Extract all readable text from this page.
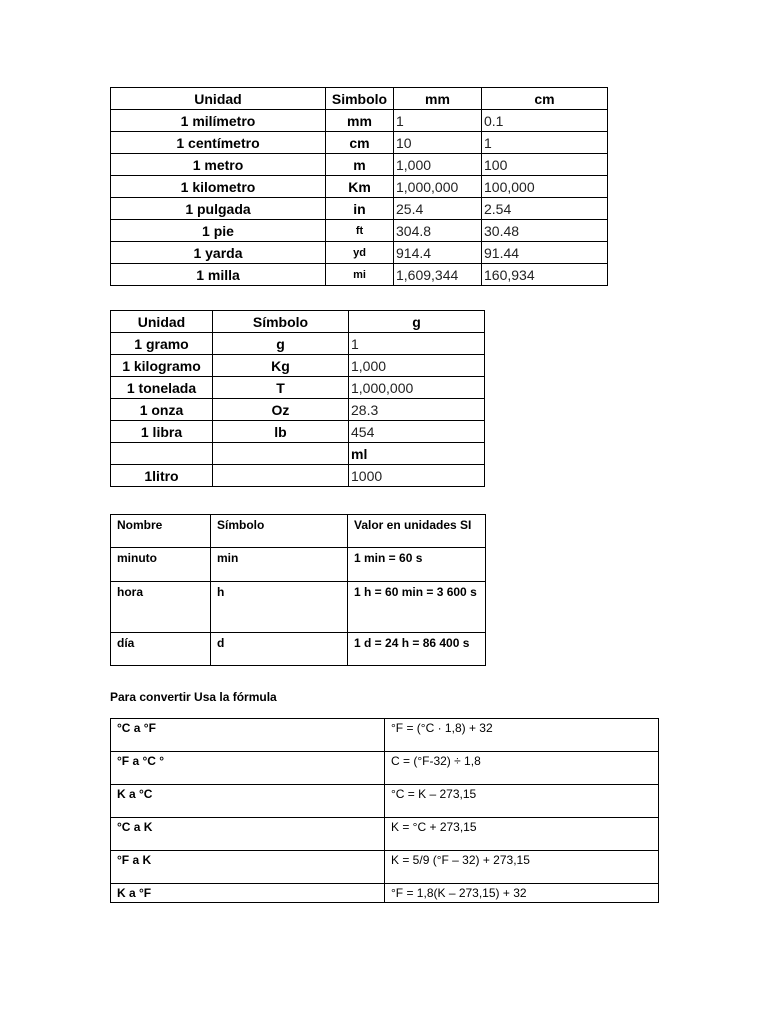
Unidad	Simbolo	mm	cm
1 milímetro	mm	1	0.1
1 centímetro	cm	10	1
1 metro	m	1,000	100
1 kilometro	Km	1,000,000	100,000
1 pulgada	in	25.4	2.54
1 pie	ft	304.8	30.48
1 yarda	yd	914.4	91.44
1 milla	mi	1,609,344	160,934
Unidad	Símbolo	g
1 gramo	g	1
1 kilogramo	Kg	1,000
1 tonelada	T	1,000,000
1 onza	Oz	28.3
1 libra	lb	454
		ml
1litro		1000
Nombre	Símbolo	Valor en unidades SI
minuto	min	1 min = 60 s
hora	h	1 h = 60 min = 3 600 s
día	d	1 d = 24 h = 86 400 s
Para convertir Usa la fórmula
°C a °F	°F = (°C · 1,8) + 32
°F a °C °	C = (°F-32) ÷ 1,8
K a °C	°C = K – 273,15
°C a K	K = °C + 273,15
°F a K	K = 5/9 (°F – 32) + 273,15
K a °F	°F = 1,8(K – 273,15) + 32
